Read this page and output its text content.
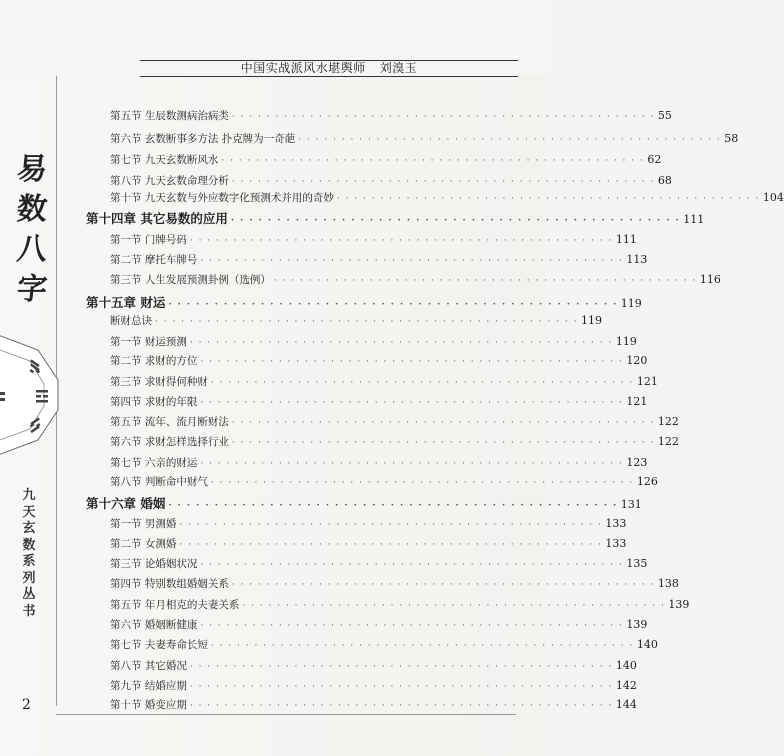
中国实战派风水堪舆师 刘溴玉
易
数
八
字
九
天
玄
数
系
列
丛
书
2
第五节 生辰数测病治病类 · · · · · · · · · · · · · · · · · · · · · · · · · · · · · · · · · · · · · · · · · · · · · · · · · 55
第六节 玄数断事多方法 扑克牌为一奇葩 · · · · · · · · · · · · · · · · · · · · · · · · · · · · · · · · · · · · · · · · · · · · · · · · · 58
第七节 九天玄数断风水 · · · · · · · · · · · · · · · · · · · · · · · · · · · · · · · · · · · · · · · · · · · · · · · · · 62
第八节 九天玄数命理分析 · · · · · · · · · · · · · · · · · · · · · · · · · · · · · · · · · · · · · · · · · · · · · · · · · 68
第十节 九天玄数与外应数字化预测术并用的奇妙 · · · · · · · · · · · · · · · · · · · · · · · · · · · · · · · · · · · · · · · · · · · · · · · · · 104
第十四章 其它易数的应用 · · · · · · · · · · · · · · · · · · · · · · · · · · · · · · · · · · · · · · · · · · · · · · · · · 111
第一节 门牌号码 · · · · · · · · · · · · · · · · · · · · · · · · · · · · · · · · · · · · · · · · · · · · · · · · · 111
第二节 摩托车牌号 · · · · · · · · · · · · · · · · · · · · · · · · · · · · · · · · · · · · · · · · · · · · · · · · · 113
第三节 人生发展预测卦例（选例） · · · · · · · · · · · · · · · · · · · · · · · · · · · · · · · · · · · · · · · · · · · · · · · · · 116
第十五章 财运 · · · · · · · · · · · · · · · · · · · · · · · · · · · · · · · · · · · · · · · · · · · · · · · · · 119
断财总诀 · · · · · · · · · · · · · · · · · · · · · · · · · · · · · · · · · · · · · · · · · · · · · · · · · 119
第一节 财运预测 · · · · · · · · · · · · · · · · · · · · · · · · · · · · · · · · · · · · · · · · · · · · · · · · · 119
第二节 求财的方位 · · · · · · · · · · · · · · · · · · · · · · · · · · · · · · · · · · · · · · · · · · · · · · · · · 120
第三节 求财得何种财 · · · · · · · · · · · · · · · · · · · · · · · · · · · · · · · · · · · · · · · · · · · · · · · · · 121
第四节 求财的年限 · · · · · · · · · · · · · · · · · · · · · · · · · · · · · · · · · · · · · · · · · · · · · · · · · 121
第五节 流年、流月断财法 · · · · · · · · · · · · · · · · · · · · · · · · · · · · · · · · · · · · · · · · · · · · · · · · · 122
第六节 求财怎样选择行业 · · · · · · · · · · · · · · · · · · · · · · · · · · · · · · · · · · · · · · · · · · · · · · · · · 122
第七节 六亲的财运 · · · · · · · · · · · · · · · · · · · · · · · · · · · · · · · · · · · · · · · · · · · · · · · · · 123
第八节 判断命中财气 · · · · · · · · · · · · · · · · · · · · · · · · · · · · · · · · · · · · · · · · · · · · · · · · · 126
第十六章 婚姻 · · · · · · · · · · · · · · · · · · · · · · · · · · · · · · · · · · · · · · · · · · · · · · · · · 131
第一节 男测婚 · · · · · · · · · · · · · · · · · · · · · · · · · · · · · · · · · · · · · · · · · · · · · · · · · 133
第二节 女测婚 · · · · · · · · · · · · · · · · · · · · · · · · · · · · · · · · · · · · · · · · · · · · · · · · · 133
第三节 论婚姻状况 · · · · · · · · · · · · · · · · · · · · · · · · · · · · · · · · · · · · · · · · · · · · · · · · · 135
第四节 特别数组婚姻关系 · · · · · · · · · · · · · · · · · · · · · · · · · · · · · · · · · · · · · · · · · · · · · · · · · 138
第五节 年月相克的夫妻关系 · · · · · · · · · · · · · · · · · · · · · · · · · · · · · · · · · · · · · · · · · · · · · · · · · 139
第六节 婚姻断健康 · · · · · · · · · · · · · · · · · · · · · · · · · · · · · · · · · · · · · · · · · · · · · · · · · 139
第七节 夫妻寿命长短 · · · · · · · · · · · · · · · · · · · · · · · · · · · · · · · · · · · · · · · · · · · · · · · · · 140
第八节 其它婚况 · · · · · · · · · · · · · · · · · · · · · · · · · · · · · · · · · · · · · · · · · · · · · · · · · 140
第九节 结婚应期 · · · · · · · · · · · · · · · · · · · · · · · · · · · · · · · · · · · · · · · · · · · · · · · · · 142
第十节 婚变应期 · · · · · · · · · · · · · · · · · · · · · · · · · · · · · · · · · · · · · · · · · · · · · · · · · 144
